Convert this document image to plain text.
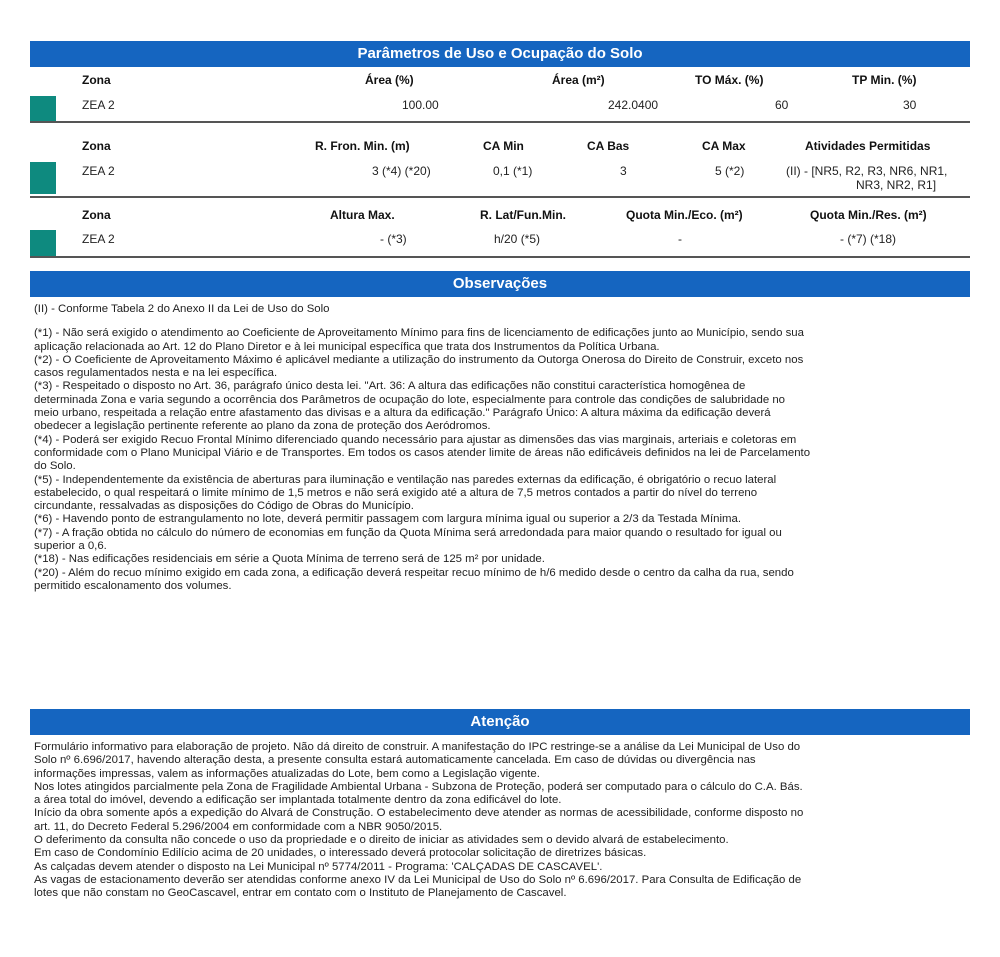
Parâmetros de Uso e Ocupação do Solo
Zona	Área (%)	Área (m²)	TO Máx. (%)	TP Min. (%)
ZEA 2	100.00	242.0400	60	30
Zona	R. Fron. Min. (m)	CA Min	CA Bas	CA Max	Atividades Permitidas
ZEA 2	3 (*4) (*20)	0,1 (*1)	3	5 (*2)	(II) - [NR5, R2, R3, NR6, NR1,
NR3, NR2, R1]
Zona	Altura Max.	R. Lat/Fun.Min.	Quota Min./Eco. (m²)	Quota Min./Res. (m²)
ZEA 2	- (*3)	h/20 (*5)	-	- (*7) (*18)
Observações

(II) - Conforme Tabela 2 do Anexo II da Lei de Uso do Solo

(*1) - Não será exigido o atendimento ao Coeficiente de Aproveitamento Mínimo para fins de licenciamento de edificações junto ao Município, sendo sua

aplicação relacionada ao Art. 12 do Plano Diretor e à lei municipal específica que trata dos Instrumentos da Política Urbana.

(*2) - O Coeficiente de Aproveitamento Máximo é aplicável mediante a utilização do instrumento da Outorga Onerosa do Direito de Construir, exceto nos

casos regulamentados nesta e na lei específica.

(*3) - Respeitado o disposto no Art. 36, parágrafo único desta lei. "Art. 36: A altura das edificações não constitui característica homogênea de

determinada Zona e varia segundo a ocorrência dos Parâmetros de ocupação do lote, especialmente para controle das condições de salubridade no

meio urbano, respeitada a relação entre afastamento das divisas e a altura da edificação." Parágrafo Único: A altura máxima da edificação deverá

obedecer a legislação pertinente referente ao plano da zona de proteção dos Aeródromos.

(*4) - Poderá ser exigido Recuo Frontal Mínimo diferenciado quando necessário para ajustar as dimensões das vias marginais, arteriais e coletoras em

conformidade com o Plano Municipal Viário e de Transportes. Em todos os casos atender limite de áreas não edificáveis definidos na lei de Parcelamento

do Solo.

(*5) - Independentemente da existência de aberturas para iluminação e ventilação nas paredes externas da edificação, é obrigatório o recuo lateral

estabelecido, o qual respeitará o limite mínimo de 1,5 metros e não será exigido até a altura de 7,5 metros contados a partir do nível do terreno

circundante, ressalvadas as disposições do Código de Obras do Município.

(*6) - Havendo ponto de estrangulamento no lote, deverá permitir passagem com largura mínima igual ou superior a 2/3 da Testada Mínima.

(*7) - A fração obtida no cálculo do número de economias em função da Quota Mínima será arredondada para maior quando o resultado for igual ou

superior a 0,6.

(*18) - Nas edificações residenciais em série a Quota Mínima de terreno será de 125 m² por unidade.

(*20) - Além do recuo mínimo exigido em cada zona, a edificação deverá respeitar recuo mínimo de h/6 medido desde o centro da calha da rua, sendo

permitido escalonamento dos volumes.

Atenção

Formulário informativo para elaboração de projeto. Não dá direito de construir. A manifestação do IPC restringe-se a análise da Lei Municipal de Uso do

Solo nº 6.696/2017, havendo alteração desta, a presente consulta estará automaticamente cancelada. Em caso de dúvidas ou divergência nas

informações impressas, valem as informações atualizadas do Lote, bem como a Legislação vigente.

Nos lotes atingidos parcialmente pela Zona de Fragilidade Ambiental Urbana - Subzona de Proteção, poderá ser computado para o cálculo do C.A. Bás.

a área total do imóvel, devendo a edificação ser implantada totalmente dentro da zona edificável do lote.

Início da obra somente após a expedição do Alvará de Construção. O estabelecimento deve atender as normas de acessibilidade, conforme disposto no

art. 11, do Decreto Federal 5.296/2004 em conformidade com a NBR 9050/2015.

O deferimento da consulta não concede o uso da propriedade e o direito de iniciar as atividades sem o devido alvará de estabelecimento.

Em caso de Condomínio Edilício acima de 20 unidades, o interessado deverá protocolar solicitação de diretrizes básicas.

As calçadas devem atender o disposto na Lei Municipal nº 5774/2011 - Programa: 'CALÇADAS DE CASCAVEL'.

As vagas de estacionamento deverão ser atendidas conforme anexo IV da Lei Municipal de Uso do Solo nº 6.696/2017. Para Consulta de Edificação de

lotes que não constam no GeoCascavel, entrar em contato com o Instituto de Planejamento de Cascavel.
